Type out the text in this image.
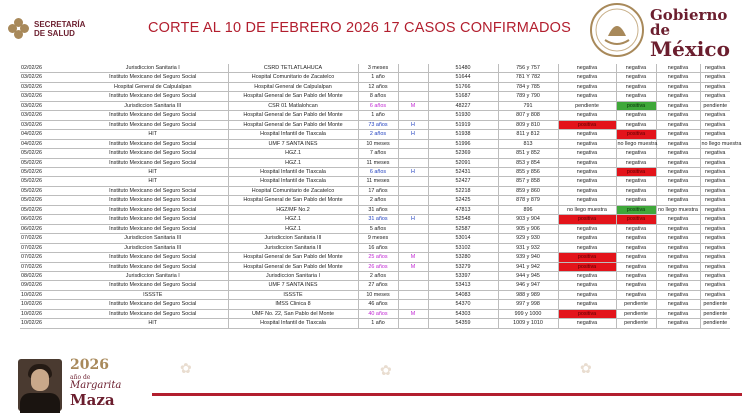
SECRETARÍA
DE SALUD	CORTE AL 10 DE FEBRERO 2026 17 CASOS CONFIRMADOS
Gobierno de
México
02/02/26	Jurisdiccion Sanitaria I	CSRD TETLATLAHUCA	3 meses		51480	756 y 757	negativa	negativa	negativa	negativa
03/02/26	Instituto Mexicano del Seguro Social	Hospital Comunitario de Zacatelco	1 año		51644	781 Y 782	negativa	negativa	negativa	negativa
03/02/26	Hospital General de Calpulalpan	Hospital General de Calpulalpan	12 años		51766	784 y 785	negativa	negativa	negativa	negativa
03/02/26	Instituto Mexicano del Seguro Social	Hospital General de San Pablo del Monte	8 años		51687	789 y 790	negativa	negativa	negativa	negativa
03/02/26	Jurisdiccion Sanitaria III	CSR 01 Matlalohcan	6 años	M	48227	791	pendiente	positiva	negativa	pendiente
03/02/26	Instituto Mexicano del Seguro Social	Hospital General de San Pablo del Monte	1 año		51930	807 y 808	negativa	negativa	negativa	negativa
03/02/26	Instituto Mexicano del Seguro Social	Hospital General de San Pablo del Monte	73 años	H	51919	809 y 810	positiva	negativa	negativa	negativa
04/02/26	HIT	Hospital Infantil de Tlaxcala	2 años	H	51938	811 y 812	negativa	positiva	negativa	negativa
04/02/26	Instituto Mexicano del Seguro Social	UMF 7 SANTA INES	10 meses		51996	813	negativa	no llego muestra	negativa	no llego muestra
05/02/26	Instituto Mexicano del Seguro Social	HGZ.1	7 años		52369	851 y 852	negativa	negativa	negativa	negativa
05/02/26	Instituto Mexicano del Seguro Social	HGZ.1	11 meses		52091	853 y 854	negativa	negativa	negativa	negativa
05/02/26	HIT	Hospital Infantil de Tlaxcala	6 años	H	52431	855 y 856	negativa	positiva	negativa	negativa
05/02/26	HIT	Hospital Infantil de Tlaxcala	11 meses		52427	857 y 858	negativa	negativa	negativa	negativa
05/02/26	Instituto Mexicano del Seguro Social	Hospital Comunitario de Zacatelco	17 años		52218	859 y 860	negativa	negativa	negativa	negativa
05/02/26	Instituto Mexicano del Seguro Social	Hospital General de San Pablo del Monte	2 años		52425	878 y 879	negativa	negativa	negativa	negativa
05/02/26	Instituto Mexicano del Seguro Social	HGZ/MF No.2	31 años		47813	896	no llego muestra	positiva	no llego muestra	negativa
06/02/26	Instituto Mexicano del Seguro Social	HGZ.1	31 años	H	52548	903 y 904	positiva	positiva	negativa	negativa
06/02/26	Instituto Mexicano del Seguro Social	HGZ.1	5 años		52587	905 y 906	negativa	negativa	negativa	negativa
07/02/26	Jurisdiccion Sanitaria III	Jurisdiccion Sanitaria III	9 meses		53014	929 y 930	negativa	negativa	negativa	negativa
07/02/26	Jurisdiccion Sanitaria III	Jurisdiccion Sanitaria III	16 años		53102	931 y 932	negativa	negativa	negativa	negativa
07/02/26	Instituto Mexicano del Seguro Social	Hospital General de San Pablo del Monte	25 años	M	53280	939 y 940	positiva	negativa	negativa	negativa
07/02/26	Instituto Mexicano del Seguro Social	Hospital General de San Pablo del Monte	26 años	M	53279	941 y 942	positiva	negativa	negativa	negativa
08/02/26	Jurisdiccion Sanitaria I	Jurisdiccion Sanitaria I	2 años		53397	944 y 945	negativa	negativa	negativa	negativa
09/02/26	Instituto Mexicano del Seguro Social	UMF 7 SANTA INES	27 años		53413	946 y 947	negativa	negativa	negativa	negativa
10/02/26	ISSSTE	ISSSTE	10 meses		54083	988 y 989	negativa	negativa	negativa	negativa
10/02/26	Instituto Mexicano del Seguro Social	IMSS Clinica 8	46 años		54370	997 y 998	negativa	pendiente	negativa	pendiente
10/02/26	Instituto Mexicano del Seguro Social	UMF No. 22, San Pablo del Monte	40 años	M	54303	999 y 1000	positiva	pendiente	negativa	pendiente
10/02/26	HIT	Hospital Infantil de Tlaxcala	1 año		54359	1009 y 1010	negativa	pendiente	negativa	pendiente
✿	✿	✿
2026
año de
Margarita
Maza
